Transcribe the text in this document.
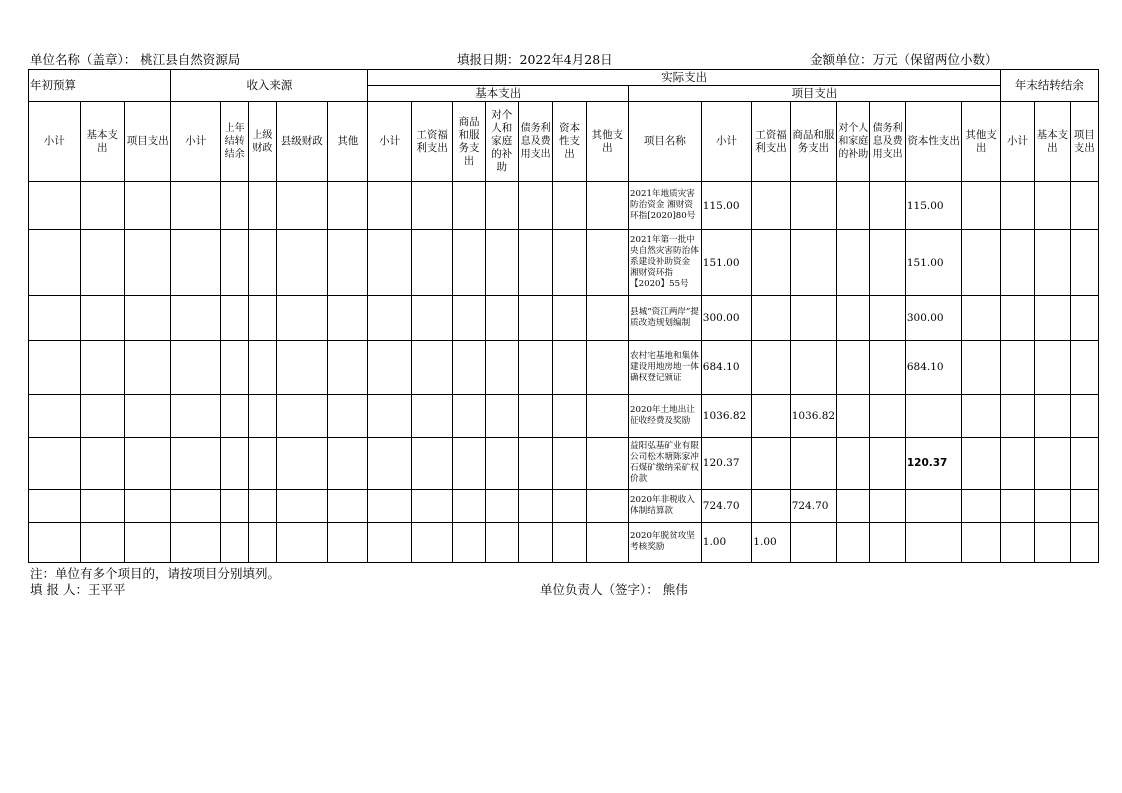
单位名称（盖章）： 桃江县自然资源局	填报日期：2022年4月28日	金额单位：万元（保留两位小数）
年初预算			收入来源					实际支出															年末结转结余		
								基本支出							项目支出										
小计	基本支出	项目支出	小计	上年结转结余	上级财政	县级财政	其他	小计	工资福利支出	商品和服务支出	对个人和家庭的补助	债务利息及费用支出	资本性支出	其他支出	项目名称	小计	工资福利支出	商品和服务支出	对个人和家庭的补助	债务利息及费用支出	资本性支出	其他支出	小计	基本支出	项目支出
															2021年地质灾害防治资金 湘财资环指[2020]80号	115.00					115.00				
															2021年第一批中央自然灾害防治体系建设补助资金 湘财资环指【2020】55号	151.00					151.00				
															县城“资江两岸”提质改造规划编制	300.00					300.00				
															农村宅基地和集体建设用地房地一体确权登记颁证	684.10					684.10				
															2020年土地出让征收经费及奖励	1036.82		1036.82							
															益阳弘基矿业有限公司松木塘陈家冲石煤矿缴纳采矿权价款	120.37					120.37				
															2020年非税收入体制结算款	724.70		724.70							
															2020年脱贫攻坚考核奖励	1.00	1.00								
注：单位有多个项目的，请按项目分别填列。
填 报 人：王平平	单位负责人（签字）： 熊伟
